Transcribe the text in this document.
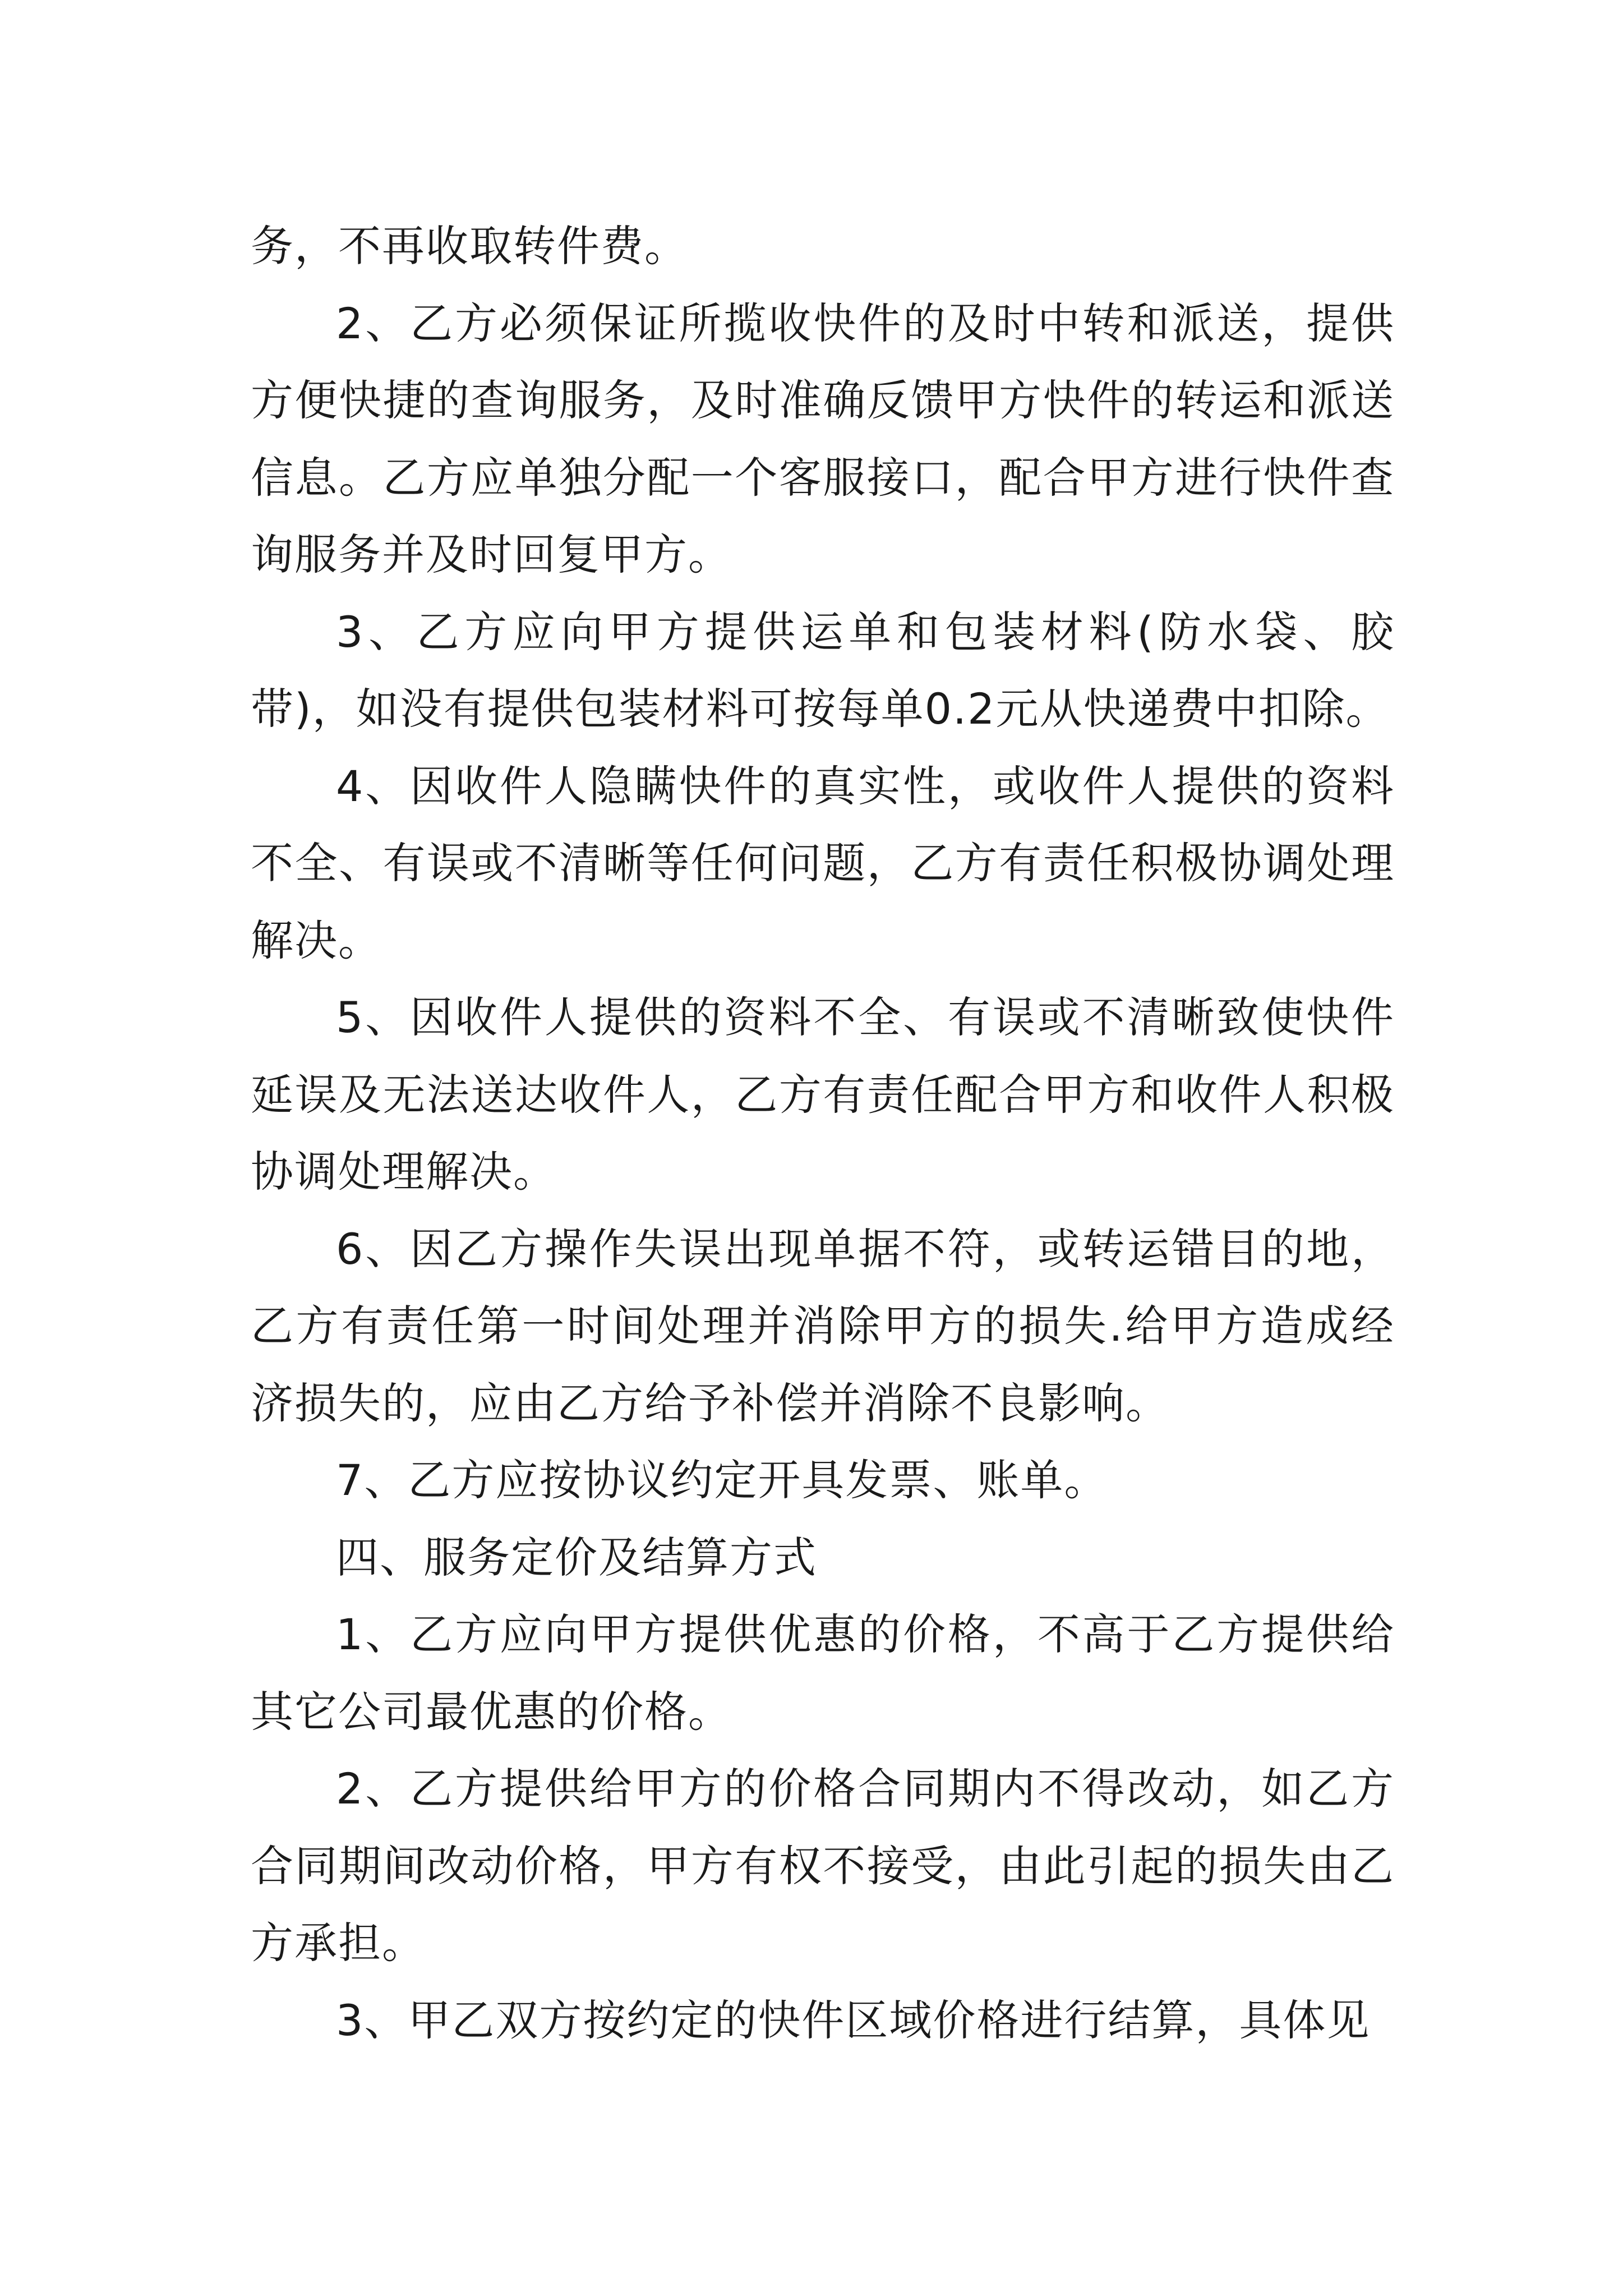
务，不再收取转件费。

2、乙方必须保证所揽收快件的及时中转和派送，提供方便快捷的查询服务，及时准确反馈甲方快件的转运和派送信息。乙方应单独分配一个客服接口，配合甲方进行快件查询服务并及时回复甲方。

3、乙方应向甲方提供运单和包装材料(防水袋、胶带)，如没有提供包装材料可按每单0.2元从快递费中扣除。

4、因收件人隐瞒快件的真实性，或收件人提供的资料不全、有误或不清晰等任何问题，乙方有责任积极协调处理解决。

5、因收件人提供的资料不全、有误或不清晰致使快件延误及无法送达收件人，乙方有责任配合甲方和收件人积极协调处理解决。

6、因乙方操作失误出现单据不符，或转运错目的地，乙方有责任第一时间处理并消除甲方的损失.给甲方造成经济损失的，应由乙方给予补偿并消除不良影响。

7、乙方应按协议约定开具发票、账单。

四、服务定价及结算方式

1、乙方应向甲方提供优惠的价格，不高于乙方提供给其它公司最优惠的价格。

2、乙方提供给甲方的价格合同期内不得改动，如乙方合同期间改动价格，甲方有权不接受，由此引起的损失由乙方承担。

3、甲乙双方按约定的快件区域价格进行结算，具体见
